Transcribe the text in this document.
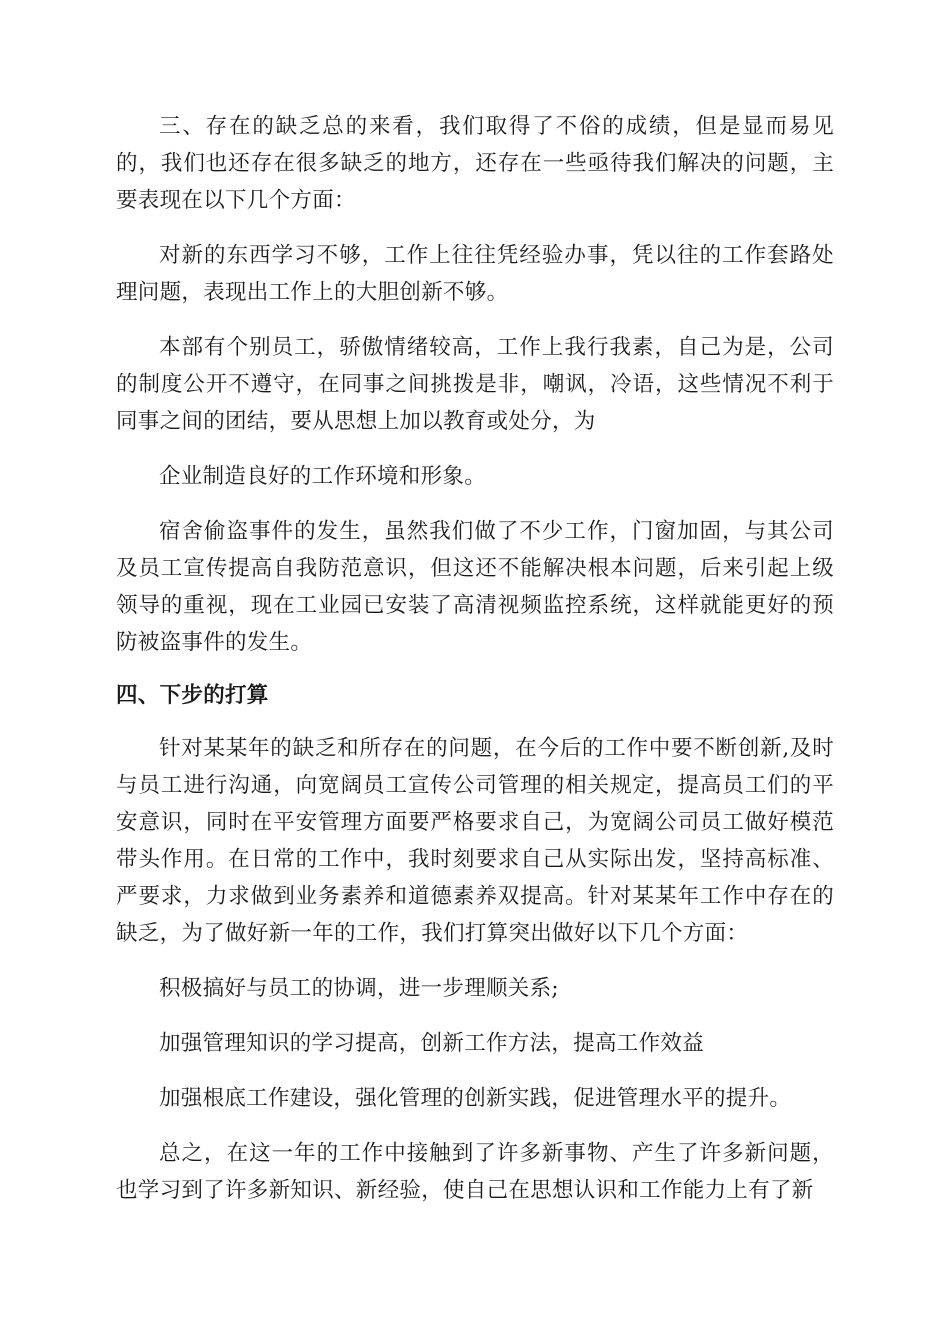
三、存在的缺乏总的来看，我们取得了不俗的成绩，但是显而易见的，我们也还存在很多缺乏的地方，还存在一些亟待我们解决的问题，主要表现在以下几个方面：

对新的东西学习不够，工作上往往凭经验办事，凭以往的工作套路处理问题，表现出工作上的大胆创新不够。

本部有个别员工，骄傲情绪较高，工作上我行我素，自己为是，公司的制度公开不遵守，在同事之间挑拨是非，嘲讽，冷语，这些情况不利于同事之间的团结，要从思想上加以教育或处分，为

企业制造良好的工作环境和形象。

宿舍偷盗事件的发生，虽然我们做了不少工作，门窗加固，与其公司及员工宣传提高自我防范意识，但这还不能解决根本问题，后来引起上级领导的重视，现在工业园已安装了高清视频监控系统，这样就能更好的预防被盗事件的发生。

四、下步的打算

针对某某年的缺乏和所存在的问题，在今后的工作中要不断创新,及时与员工进行沟通，向宽阔员工宣传公司管理的相关规定，提高员工们的平安意识，同时在平安管理方面要严格要求自己，为宽阔公司员工做好模范带头作用。在日常的工作中，我时刻要求自己从实际出发，坚持高标准、严要求，力求做到业务素养和道德素养双提高。针对某某年工作中存在的缺乏，为了做好新一年的工作，我们打算突出做好以下几个方面：

积极搞好与员工的协调，进一步理顺关系;

加强管理知识的学习提高，创新工作方法，提高工作效益

加强根底工作建设，强化管理的创新实践，促进管理水平的提升。

总之，在这一年的工作中接触到了许多新事物、产生了许多新问题，也学习到了许多新知识、新经验，使自己在思想认识和工作能力上有了新
